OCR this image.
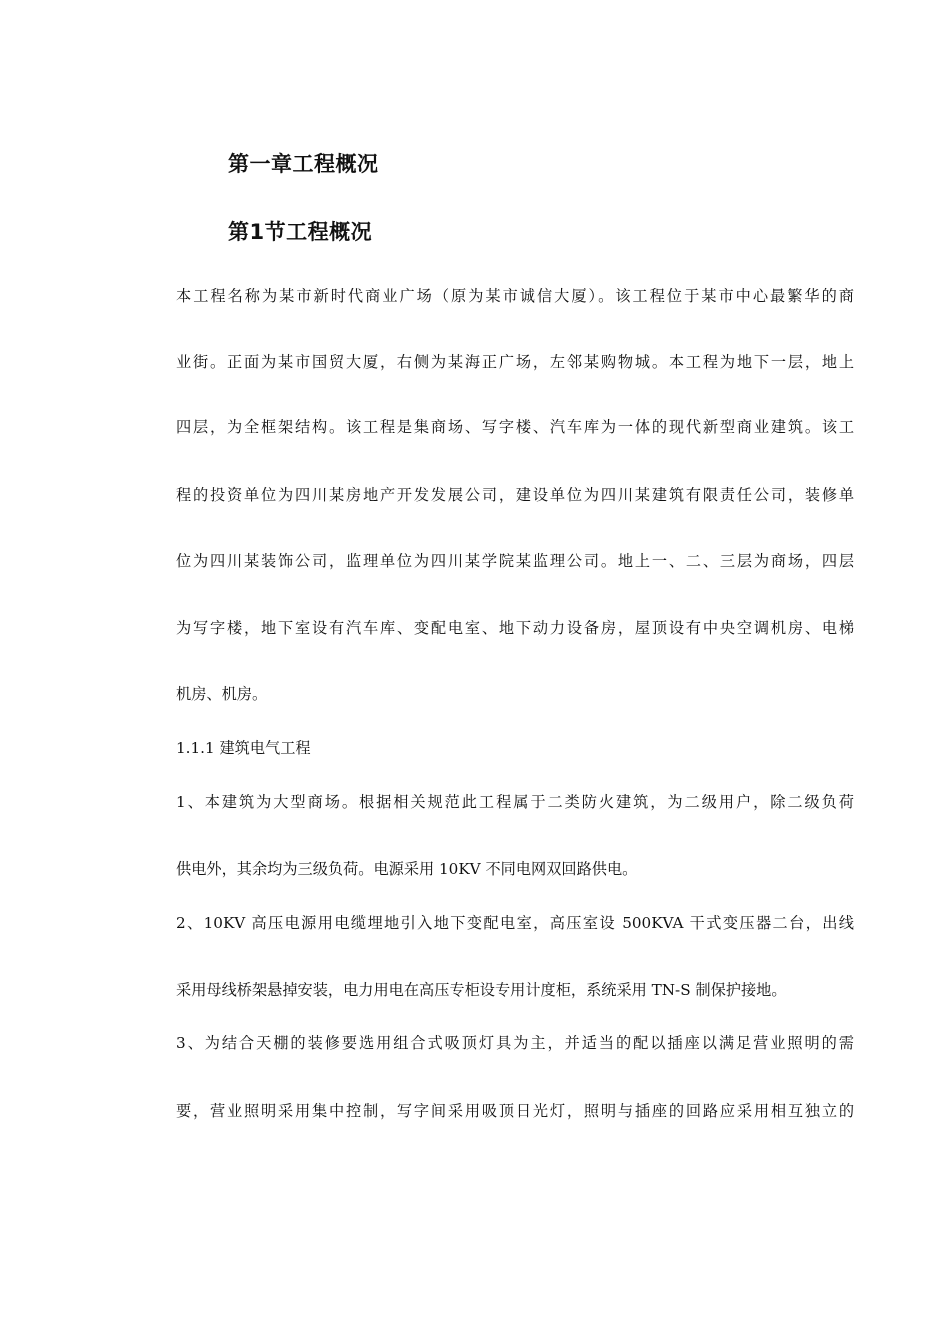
第一章工程概况
第1节工程概况

本工程名称为某市新时代商业广场（原为某市诚信大厦）。该工程位于某市中心最繁华的商

业街。正面为某市国贸大厦，右侧为某海正广场，左邻某购物城。本工程为地下一层，地上

四层，为全框架结构。该工程是集商场、写字楼、汽车库为一体的现代新型商业建筑。该工

程的投资单位为四川某房地产开发发展公司，建设单位为四川某建筑有限责任公司，装修单

位为四川某装饰公司，监理单位为四川某学院某监理公司。地上一、二、三层为商场，四层

为写字楼，地下室设有汽车库、变配电室、地下动力设备房，屋顶设有中央空调机房、电梯

机房、机房。

1.1.1 建筑电气工程

1、本建筑为大型商场。根据相关规范此工程属于二类防火建筑，为二级用户，除二级负荷

供电外，其余均为三级负荷。电源采用 10KV 不同电网双回路供电。

2、10KV 高压电源用电缆埋地引入地下变配电室，高压室设 500KVA 干式变压器二台，出线

采用母线桥架悬掉安装，电力用电在高压专柜设专用计度柜，系统采用 TN-S 制保护接地。

3、为结合天棚的装修要选用组合式吸顶灯具为主，并适当的配以插座以满足营业照明的需

要，营业照明采用集中控制，写字间采用吸顶日光灯，照明与插座的回路应采用相互独立的
